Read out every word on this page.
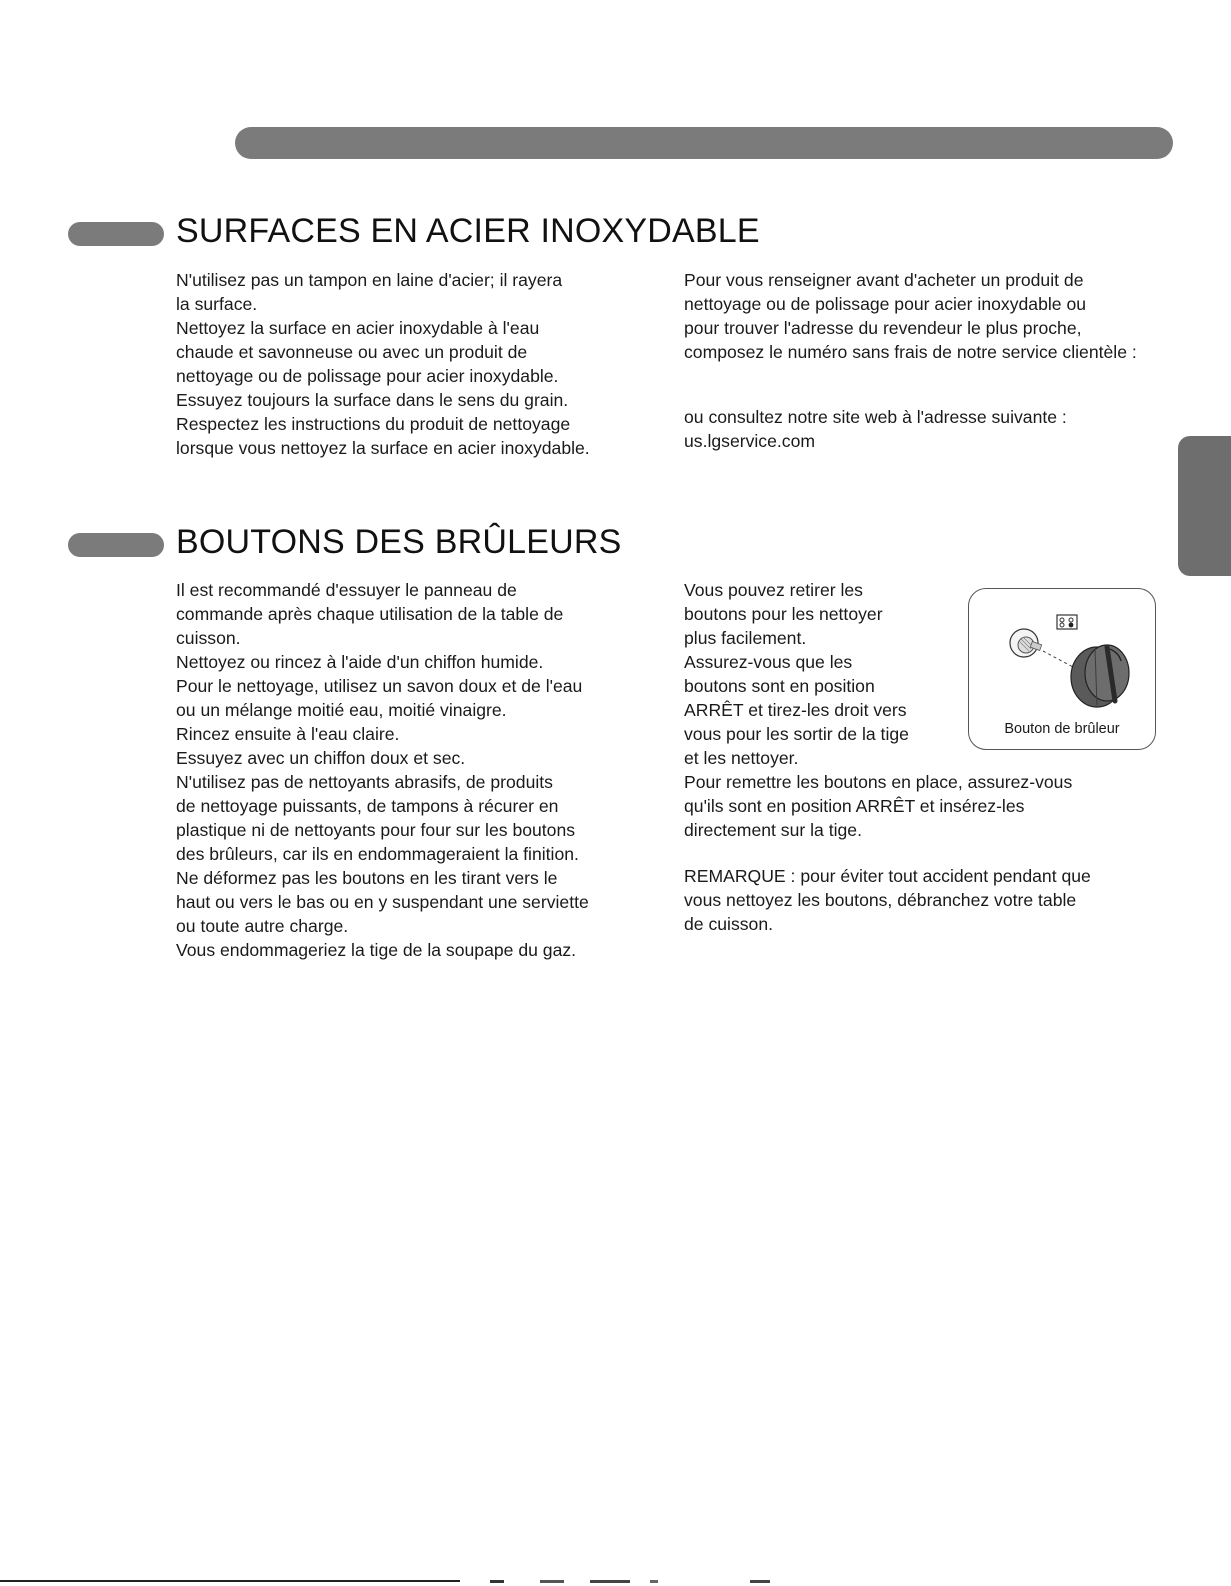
SURFACES EN ACIER INOXYDABLE

N'utilisez pas un tampon en laine d'acier; il rayera

la surface.

Nettoyez la surface en acier inoxydable à l'eau

chaude et savonneuse ou avec un produit de

nettoyage ou de polissage pour acier inoxydable.

Essuyez toujours la surface dans le sens du grain.

Respectez les instructions du produit de nettoyage

lorsque vous nettoyez la surface en acier inoxydable.

Pour vous renseigner avant d'acheter un produit de

nettoyage ou de polissage pour acier inoxydable ou

pour trouver l'adresse du revendeur le plus proche,

composez le numéro sans frais de notre service clientèle :

ou consultez notre site web à l'adresse suivante :

us.lgservice.com

BOUTONS DES BRÛLEURS

Il est recommandé d'essuyer le panneau de

commande après chaque utilisation de la table de

cuisson.

Nettoyez ou rincez à l'aide d'un chiffon humide.

Pour le nettoyage, utilisez un savon doux et de l'eau

ou un mélange moitié eau, moitié vinaigre.

Rincez ensuite à l'eau claire.

Essuyez avec un chiffon doux et sec.

N'utilisez pas de nettoyants abrasifs, de produits

de nettoyage puissants, de tampons à récurer en

plastique ni de nettoyants pour four sur les boutons

des brûleurs, car ils en endommageraient la finition.

Ne déformez pas les boutons en les tirant vers le

haut ou vers le bas ou en y suspendant une serviette

ou toute autre charge.

Vous endommageriez la tige de la soupape du gaz.

Vous pouvez retirer les

boutons pour les nettoyer

plus facilement.

Assurez-vous que les

boutons sont en position

ARRÊT et tirez-les droit vers

vous pour les sortir de la tige

et les nettoyer.

Pour remettre les boutons en place, assurez-vous

qu'ils sont en position ARRÊT et insérez-les

directement sur la tige.

REMARQUE : pour éviter tout accident pendant que

vous nettoyez les boutons, débranchez votre table

de cuisson.

Bouton de brûleur
